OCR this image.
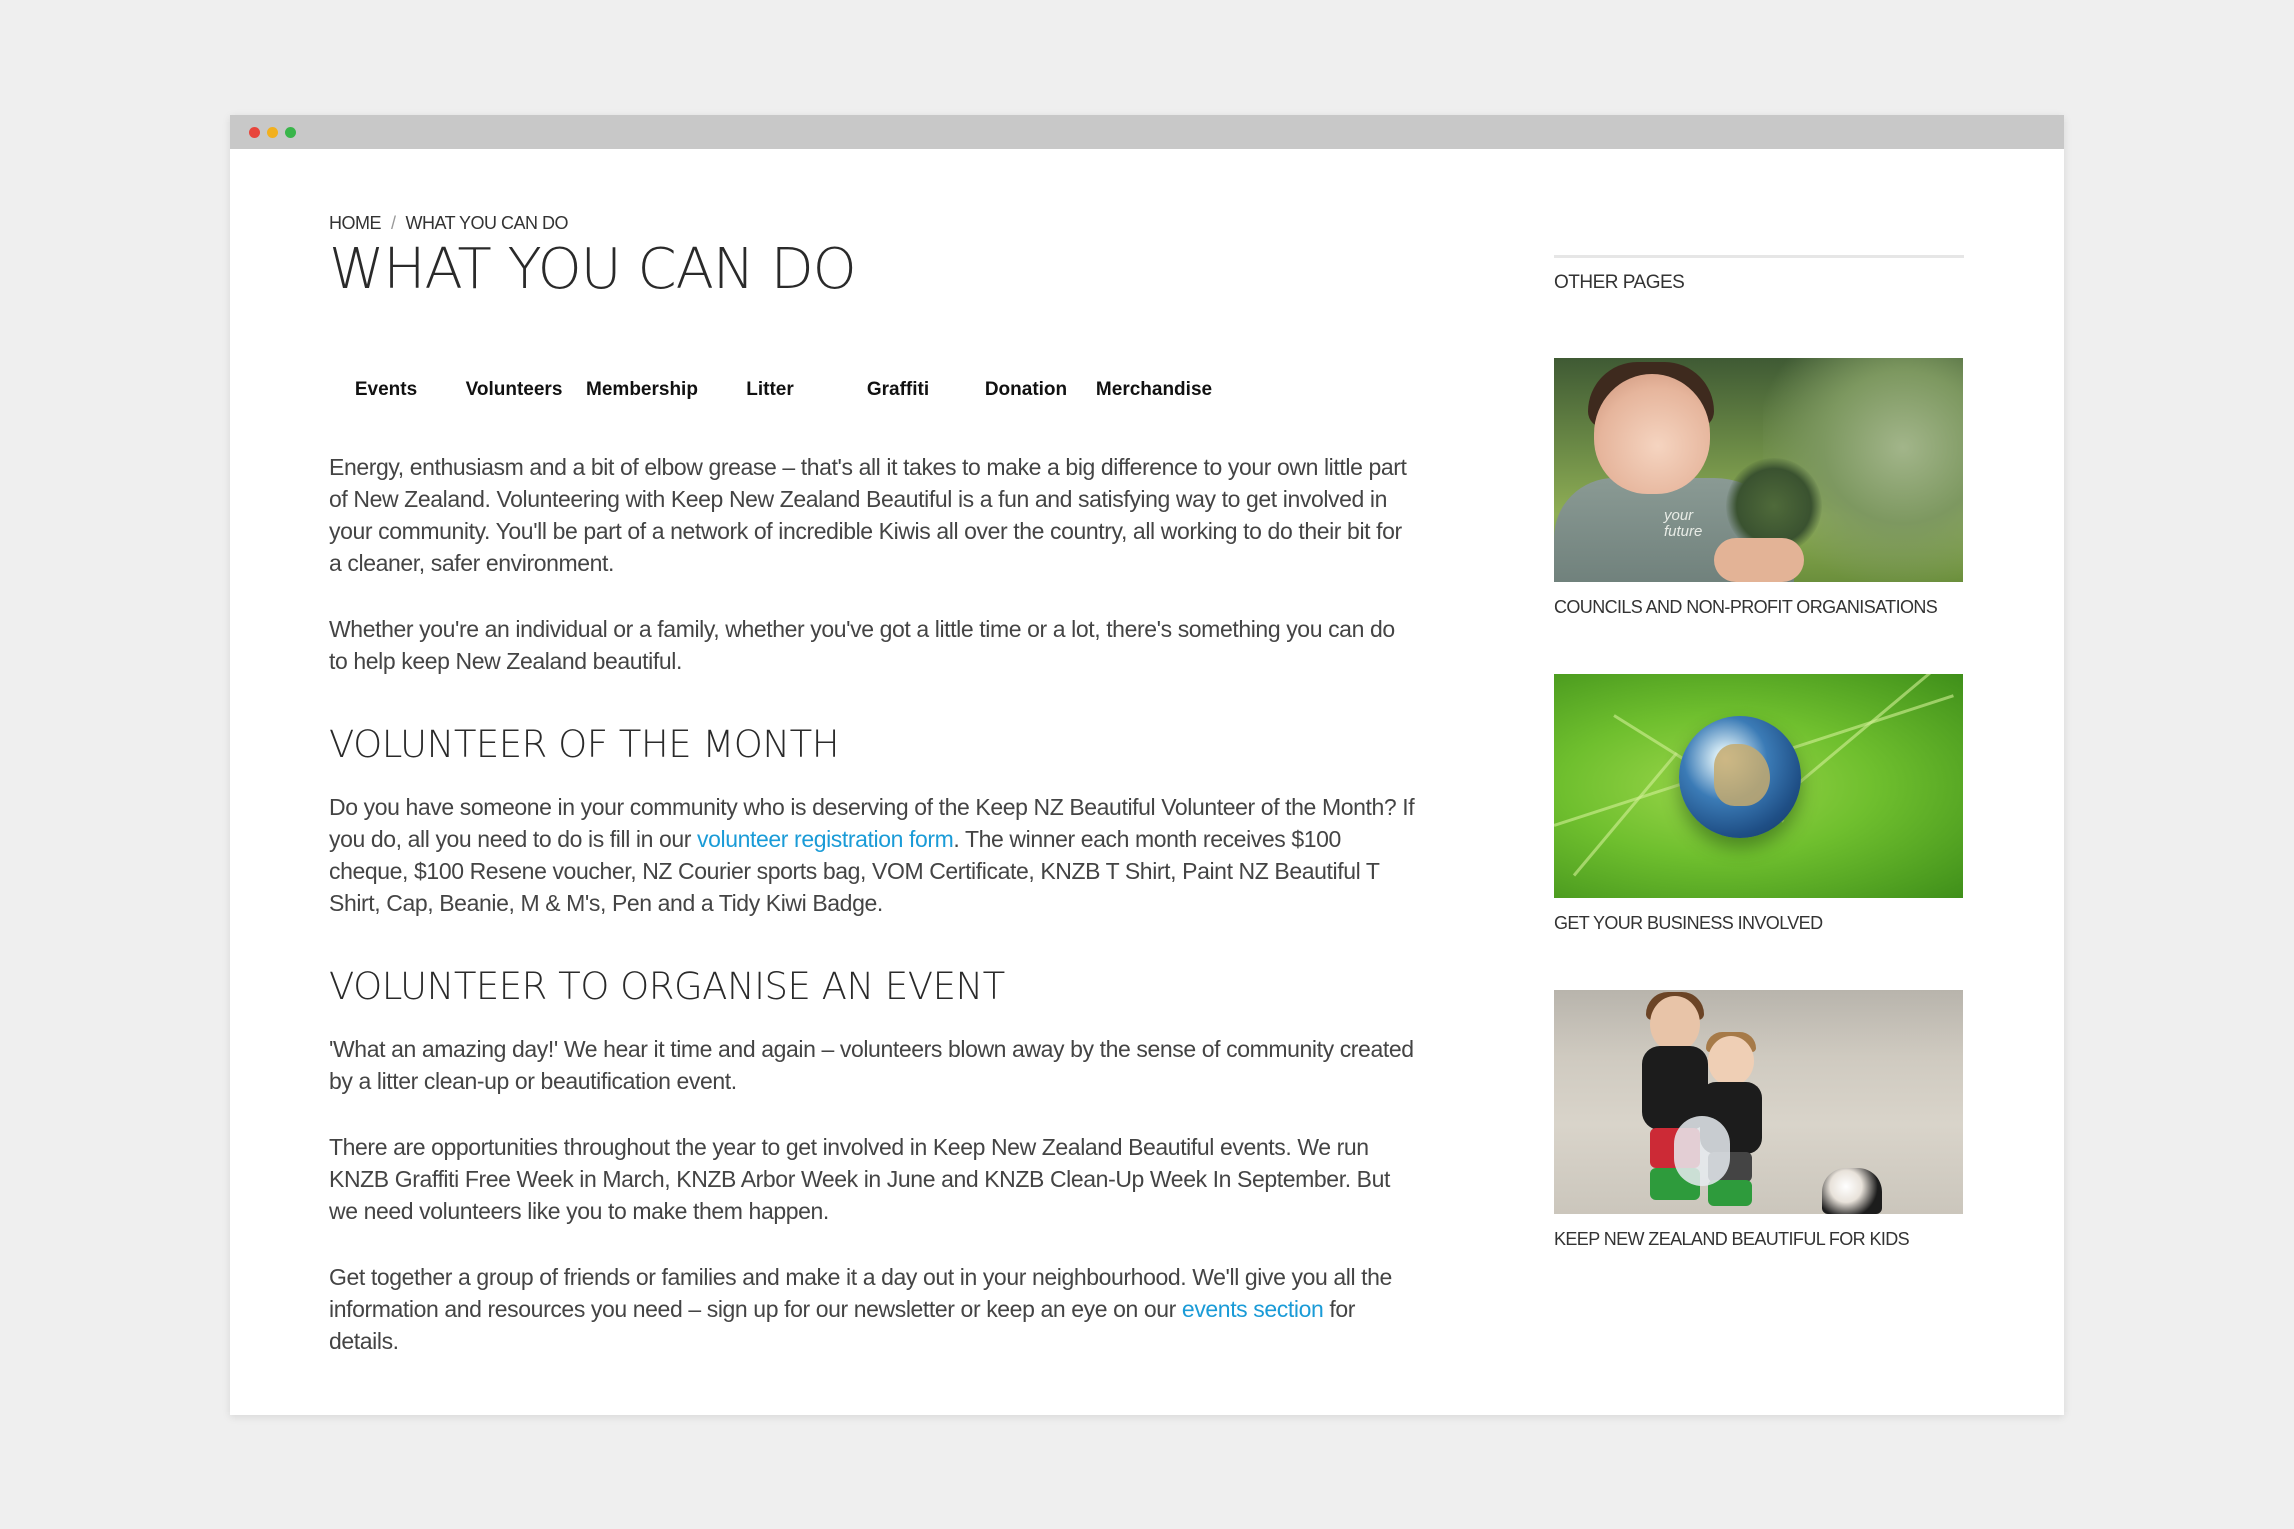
HOME / WHAT YOU CAN DO
WHAT YOU CAN DO
Events	Volunteers	Membership	Litter	Graffiti	Donation	Merchandise

Energy, enthusiasm and a bit of elbow grease – that's all it takes to make a big difference to your own little part of New Zealand. Volunteering with Keep New Zealand Beautiful is a fun and satisfying way to get involved in your community. You'll be part of a network of incredible Kiwis all over the country, all working to do their bit for a cleaner, safer environment.

Whether you're an individual or a family, whether you've got a little time or a lot, there's something you can do to help keep New Zealand beautiful.

VOLUNTEER OF THE MONTH

Do you have someone in your community who is deserving of the Keep NZ Beautiful Volunteer of the Month? If you do, all you need to do is fill in our volunteer registration form. The winner each month receives $100 cheque, $100 Resene voucher, NZ Courier sports bag, VOM Certificate, KNZB T Shirt, Paint NZ Beautiful T Shirt, Cap, Beanie, M & M's, Pen and a Tidy Kiwi Badge.

VOLUNTEER TO ORGANISE AN EVENT

'What an amazing day!' We hear it time and again – volunteers blown away by the sense of community created by a litter clean-up or beautification event.

There are opportunities throughout the year to get involved in Keep New Zealand Beautiful events. We run KNZB Graffiti Free Week in March, KNZB Arbor Week in June and KNZB Clean-Up Week In September. But we need volunteers like you to make them happen.

Get together a group of friends or families and make it a day out in your neighbourhood. We'll give you all the information and resources you need – sign up for our newsletter or keep an eye on our events section for details.

OTHER PAGES
your future
COUNCILS AND NON-PROFIT ORGANISATIONS
GET YOUR BUSINESS INVOLVED
KEEP NEW ZEALAND BEAUTIFUL FOR KIDS
